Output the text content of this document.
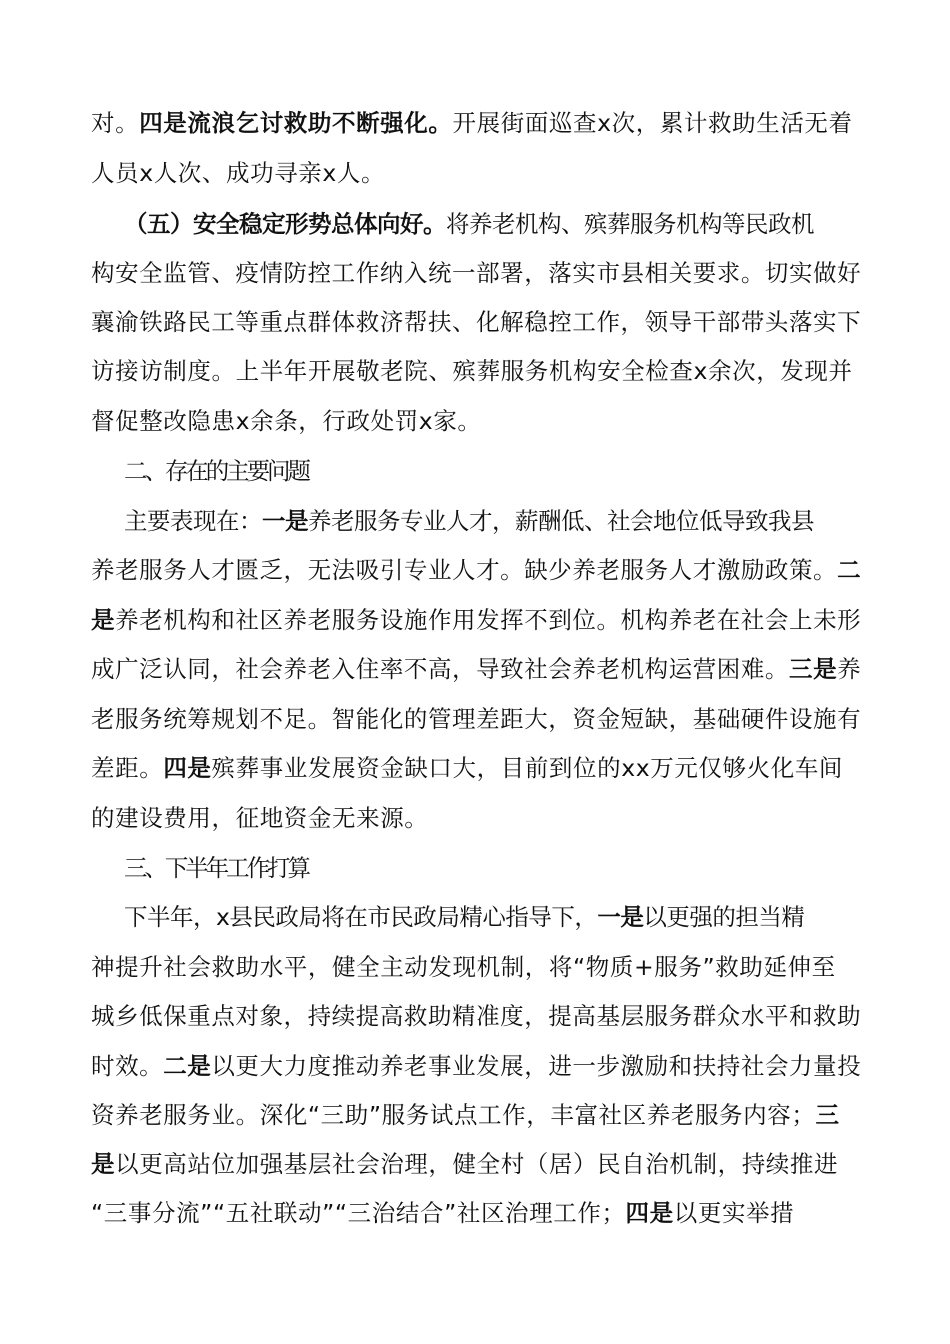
对。四是流浪乞讨救助不断强化。开展街面巡查x次，累计救助生活无着
人员x人次、成功寻亲x人。
（五）安全稳定形势总体向好。将养老机构、殡葬服务机构等民政机
构安全监管、疫情防控工作纳入统一部署，落实市县相关要求。切实做好
襄渝铁路民工等重点群体救济帮扶、化解稳控工作，领导干部带头落实下
访接访制度。上半年开展敬老院、殡葬服务机构安全检查x余次，发现并
督促整改隐患x余条，行政处罚x家。
二、存在的主要问题
主要表现在：一是养老服务专业人才，薪酬低、社会地位低导致我县
养老服务人才匮乏，无法吸引专业人才。缺少养老服务人才激励政策。二
是养老机构和社区养老服务设施作用发挥不到位。机构养老在社会上未形
成广泛认同，社会养老入住率不高，导致社会养老机构运营困难。三是养
老服务统筹规划不足。智能化的管理差距大，资金短缺，基础硬件设施有
差距。四是殡葬事业发展资金缺口大，目前到位的xx万元仅够火化车间
的建设费用，征地资金无来源。
三、下半年工作打算
下半年，x县民政局将在市民政局精心指导下，一是以更强的担当精
神提升社会救助水平，健全主动发现机制，将“物质+服务”救助延伸至
城乡低保重点对象，持续提高救助精准度，提高基层服务群众水平和救助
时效。二是以更大力度推动养老事业发展，进一步激励和扶持社会力量投
资养老服务业。深化“三助”服务试点工作，丰富社区养老服务内容；三
是以更高站位加强基层社会治理，健全村（居）民自治机制，持续推进
“三事分流”“五社联动”“三治结合”社区治理工作；四是以更实举措
